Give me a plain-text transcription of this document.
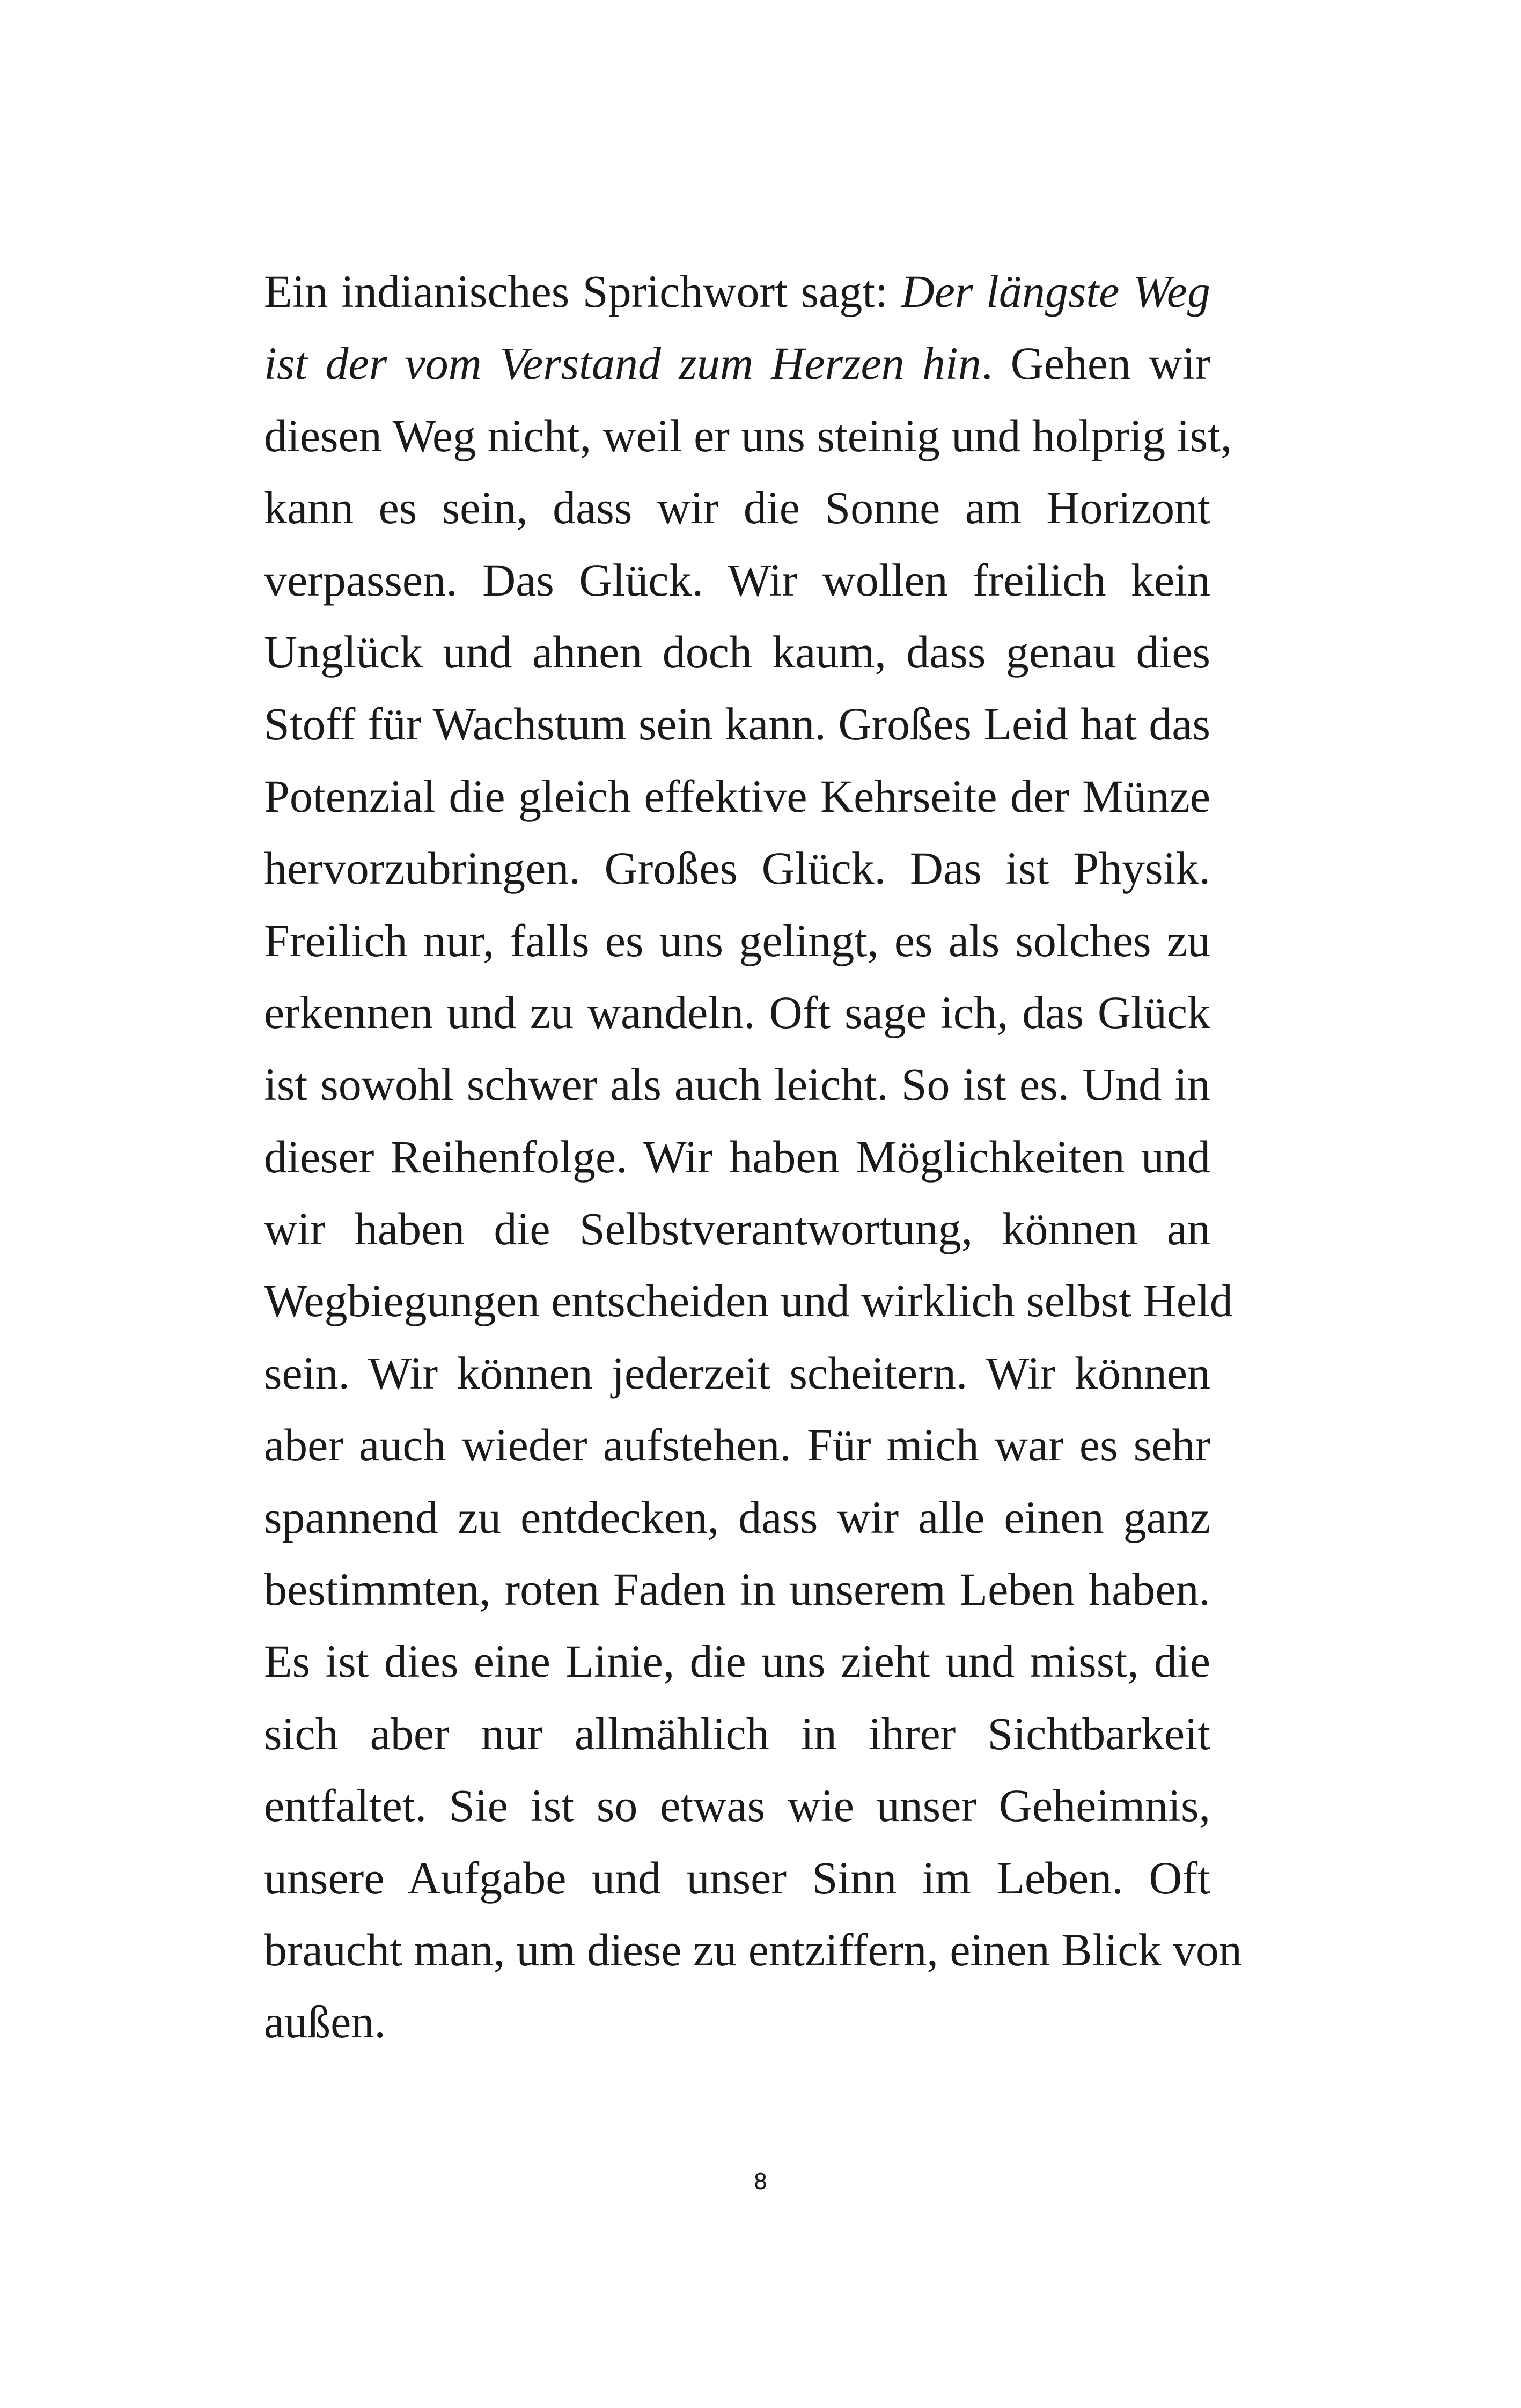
Ein indianisches Sprichwort sagt: Der längste Weg
ist der vom Verstand zum Herzen hin. Gehen wir
diesen Weg nicht, weil er uns steinig und holprig ist,
kann es sein, dass wir die Sonne am Horizont
verpassen. Das Glück. Wir wollen freilich kein
Unglück und ahnen doch kaum, dass genau dies
Stoff für Wachstum sein kann. Großes Leid hat das
Potenzial die gleich effektive Kehrseite der Münze
hervorzubringen. Großes Glück. Das ist Physik.
Freilich nur, falls es uns gelingt, es als solches zu
erkennen und zu wandeln. Oft sage ich, das Glück
ist sowohl schwer als auch leicht. So ist es. Und in
dieser Reihenfolge. Wir haben Möglichkeiten und
wir haben die Selbstverantwortung, können an
Wegbiegungen entscheiden und wirklich selbst Held
sein. Wir können jederzeit scheitern. Wir können
aber auch wieder aufstehen. Für mich war es sehr
spannend zu entdecken, dass wir alle einen ganz
bestimmten, roten Faden in unserem Leben haben.
Es ist dies eine Linie, die uns zieht und misst, die
sich aber nur allmählich in ihrer Sichtbarkeit
entfaltet. Sie ist so etwas wie unser Geheimnis,
unsere Aufgabe und unser Sinn im Leben. Oft
braucht man, um diese zu entziffern, einen Blick von
außen.
8
